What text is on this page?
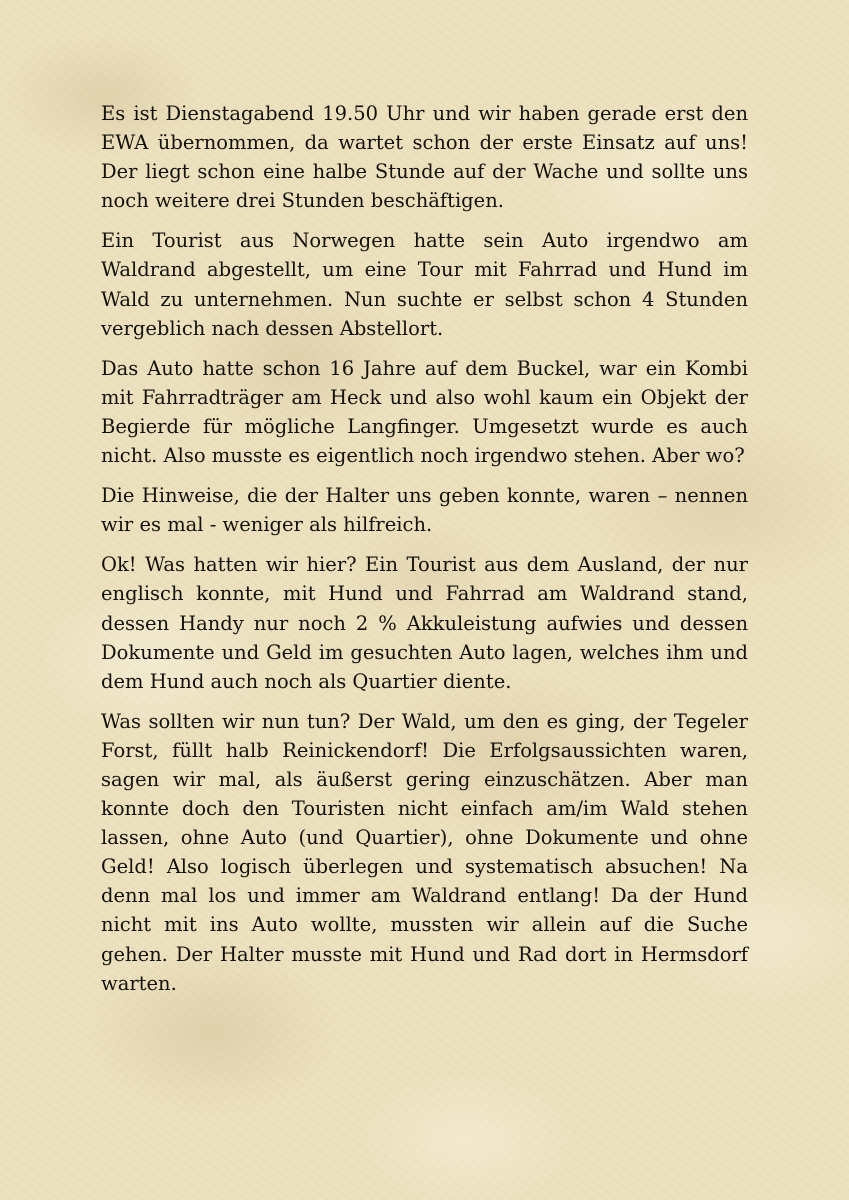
Es ist Dienstagabend 19.50 Uhr und wir haben gerade erst den EWA übernommen, da wartet schon der erste Einsatz auf uns! Der liegt schon eine halbe Stunde auf der Wache und sollte uns noch weitere drei Stunden beschäftigen.

Ein Tourist aus Norwegen hatte sein Auto irgendwo am Waldrand abgestellt, um eine Tour mit Fahrrad und Hund im Wald zu unternehmen. Nun suchte er selbst schon 4 Stunden vergeblich nach dessen Abstellort.

Das Auto hatte schon 16 Jahre auf dem Buckel, war ein Kombi mit Fahrradträger am Heck und also wohl kaum ein Objekt der Begierde für mögliche Langfinger. Umgesetzt wurde es auch nicht. Also musste es eigentlich noch irgendwo stehen. Aber wo?

Die Hinweise, die der Halter uns geben konnte, waren – nennen wir es mal - weniger als hilfreich.

Ok! Was hatten wir hier? Ein Tourist aus dem Ausland, der nur englisch konnte, mit Hund und Fahrrad am Waldrand stand, dessen Handy nur noch 2 % Akkuleistung aufwies und dessen Dokumente und Geld im gesuchten Auto lagen, welches ihm und dem Hund auch noch als Quartier diente.

Was sollten wir nun tun? Der Wald, um den es ging, der Tegeler Forst, füllt halb Reinickendorf! Die Erfolgsaussichten waren, sagen wir mal, als äußerst gering einzuschätzen. Aber man konnte doch den Touristen nicht einfach am/im Wald stehen lassen, ohne Auto (und Quartier), ohne Dokumente und ohne Geld! Also logisch überlegen und systematisch absuchen! Na denn mal los und immer am Waldrand entlang! Da der Hund nicht mit ins Auto wollte, mussten wir allein auf die Suche gehen. Der Halter musste mit Hund und Rad dort in Hermsdorf warten.
